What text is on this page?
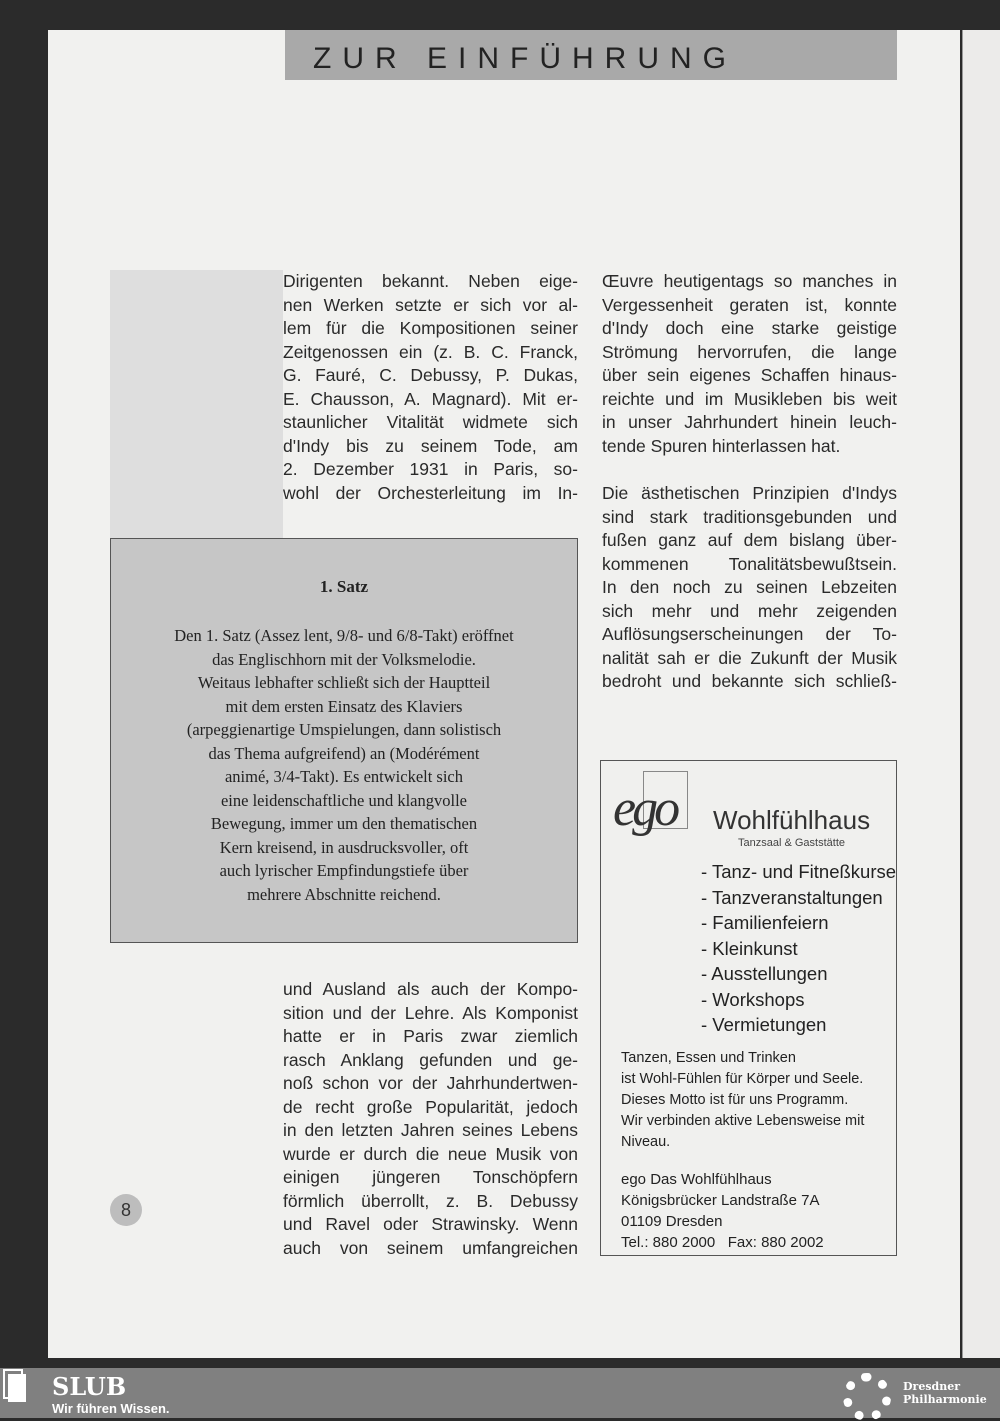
ZUR EINFÜHRUNG
Dirigenten bekannt. Neben eige-
nen Werken setzte er sich vor al-
lem für die Kompositionen seiner
Zeitgenossen ein (z. B. C. Franck,
G. Fauré, C. Debussy, P. Dukas,
E. Chausson, A. Magnard). Mit er-
staunlicher Vitalität widmete sich
d'Indy bis zu seinem Tode, am
2. Dezember 1931 in Paris, so-
wohl der Orchesterleitung im In-
und Ausland als auch der Kompo-
sition und der Lehre. Als Komponist
hatte er in Paris zwar ziemlich
rasch Anklang gefunden und ge-
noß schon vor der Jahrhundertwen-
de recht große Popularität, jedoch
in den letzten Jahren seines Lebens
wurde er durch die neue Musik von
einigen jüngeren Tonschöpfern
förmlich überrollt, z. B. Debussy
und Ravel oder Strawinsky. Wenn
auch von seinem umfangreichen
Œuvre heutigentags so manches in
Vergessenheit geraten ist, konnte
d'Indy doch eine starke geistige
Strömung hervorrufen, die lange
über sein eigenes Schaffen hinaus-
reichte und im Musikleben bis weit
in unser Jahrhundert hinein leuch-
tende Spuren hinterlassen hat.
Die ästhetischen Prinzipien d'Indys
sind stark traditionsgebunden und
fußen ganz auf dem bislang über-
kommenen Tonalitätsbewußtsein.
In den noch zu seinen Lebzeiten
sich mehr und mehr zeigenden
Auflösungserscheinungen der To-
nalität sah er die Zukunft der Musik
bedroht und bekannte sich schließ-
1. Satz
Den 1. Satz (Assez lent, 9/8- und 6/8-Takt) eröffnet
das Englischhorn mit der Volksmelodie.
Weitaus lebhafter schließt sich der Hauptteil
mit dem ersten Einsatz des Klaviers
(arpeggienartige Umspielungen, dann solistisch
das Thema aufgreifend) an (Modérément
animé, 3/4-Takt). Es entwickelt sich
eine leidenschaftliche und klangvolle
Bewegung, immer um den thematischen
Kern kreisend, in ausdrucksvoller, oft
auch lyrischer Empfindungstiefe über
mehrere Abschnitte reichend.
ego Wohlfühlhaus
Tanzsaal & Gaststätte
- Tanz- und Fitneßkurse
- Tanzveranstaltungen
- Familienfeiern
- Kleinkunst
- Ausstellungen
- Workshops
- Vermietungen
Tanzen, Essen und Trinken
ist Wohl-Fühlen für Körper und Seele.
Dieses Motto ist für uns Programm.
Wir verbinden aktive Lebensweise mit
Niveau.
ego Das Wohlfühlhaus
Königsbrücker Landstraße 7A
01109 Dresden
Tel.: 880 2000   Fax: 880 2002
8
SLUB
Wir führen Wissen.
Dresdner
Philharmonie
